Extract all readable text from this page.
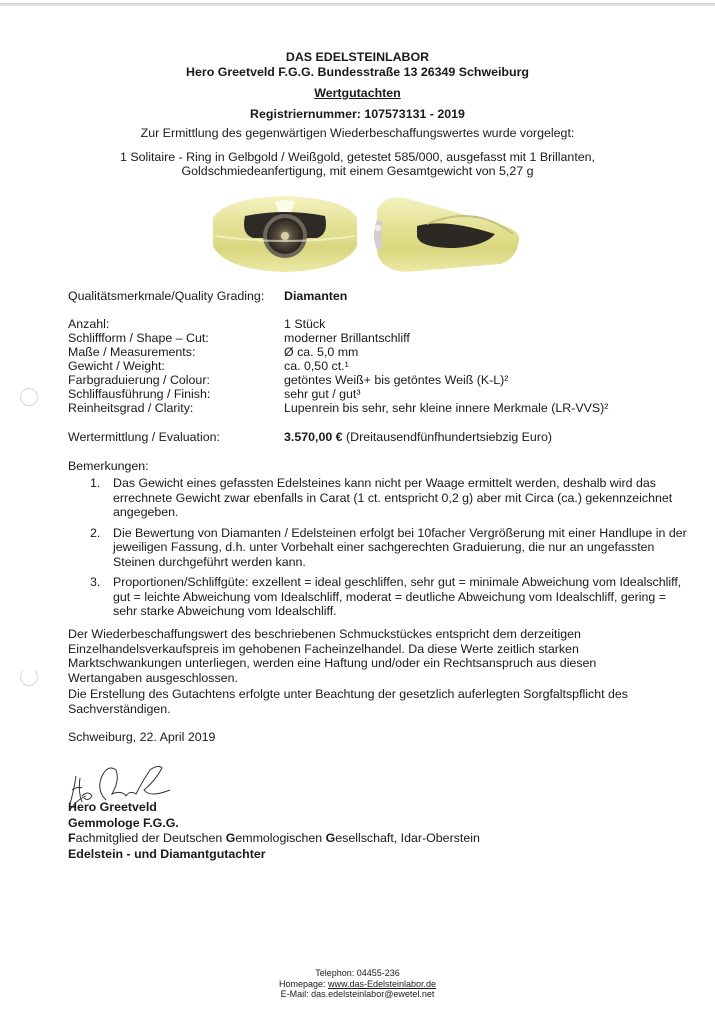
DAS EDELSTEINLABOR
Hero Greetveld F.G.G. Bundesstraße 13 26349 Schweiburg
Wertgutachten
Registriernummer: 107573131 - 2019
Zur Ermittlung des gegenwärtigen Wiederbeschaffungswertes wurde vorgelegt:
1 Solitaire - Ring in Gelbgold / Weißgold, getestet 585/000, ausgefasst mit 1 Brillanten,
Goldschmiedeanfertigung, mit einem Gesamtgewicht von 5,27 g
Qualitätsmerkmale/Quality Grading: Diamanten
Anzahl:	1 Stück
Schliffform / Shape – Cut:	moderner Brillantschliff
Maße / Measurements:	Ø ca. 5,0 mm
Gewicht / Weight:	ca. 0,50 ct.¹
Farbgraduierung / Colour:	getöntes Weiß+ bis getöntes Weiß (K-L)²
Schliffausführung / Finish:	sehr gut / gut³
Reinheitsgrad / Clarity:	Lupenrein bis sehr, sehr kleine innere Merkmale (LR-VVS)²
Wertermittlung / Evaluation:	3.570,00 € (Dreitausendfünfhundertsiebzig Euro)
Bemerkungen:
1. Das Gewicht eines gefassten Edelsteines kann nicht per Waage ermittelt werden, deshalb wird das errechnete Gewicht zwar ebenfalls in Carat (1 ct. entspricht 0,2 g) aber mit Circa (ca.) gekennzeichnet angegeben.
2. Die Bewertung von Diamanten / Edelsteinen erfolgt bei 10facher Vergrößerung mit einer Handlupe in der jeweiligen Fassung, d.h. unter Vorbehalt einer sachgerechten Graduierung, die nur an ungefassten Steinen durchgeführt werden kann.
3. Proportionen/Schliffgüte: exzellent = ideal geschliffen, sehr gut = minimale Abweichung vom Idealschliff, gut = leichte Abweichung vom Idealschliff, moderat = deutliche Abweichung vom Idealschliff, gering = sehr starke Abweichung vom Idealschliff.
Der Wiederbeschaffungswert des beschriebenen Schmuckstückes entspricht dem derzeitigen Einzelhandelsverkaufspreis im gehobenen Facheinzelhandel. Da diese Werte zeitlich starken Marktschwankungen unterliegen, werden eine Haftung und/oder ein Rechtsanspruch aus diesen Wertangaben ausgeschlossen.
Die Erstellung des Gutachtens erfolgte unter Beachtung der gesetzlich auferlegten Sorgfaltspflicht des Sachverständigen.
Schweiburg, 22. April 2019
Hero Greetveld
Gemmologe F.G.G.
Fachmitglied der Deutschen Gemmologischen Gesellschaft, Idar-Oberstein
Edelstein - und Diamantgutachter
Telephon: 04455-236
Homepage: www.das-Edelsteinlabor.de
E-Mail: das.edelsteinlabor@ewetel.net
